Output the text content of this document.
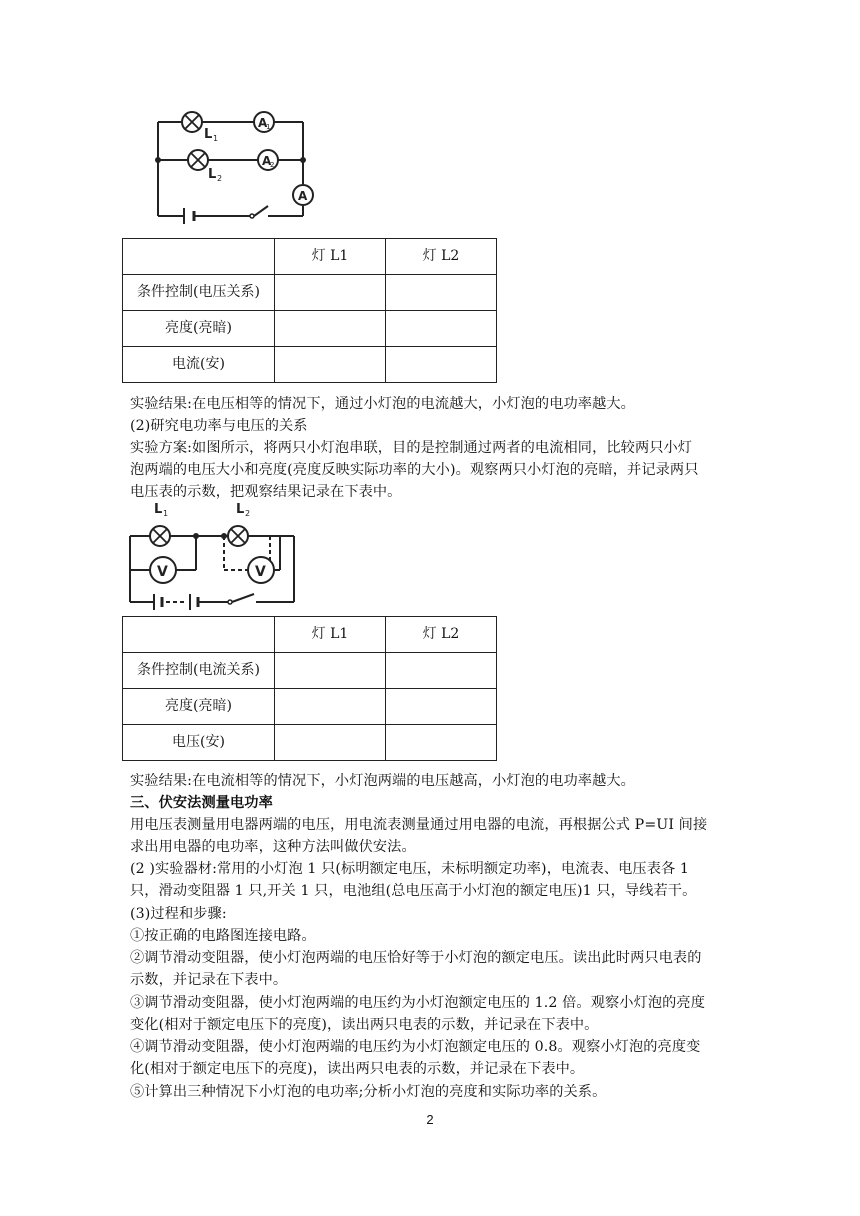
L 1
A
1
L 2
A
2
A
	灯 L1	灯 L2
条件控制(电压关系)		
亮度(亮暗)		
电流(安)		
实验结果:在电压相等的情况下，通过小灯泡的电流越大，小灯泡的电功率越大。
(2)研究电功率与电压的关系
实验方案:如图所示，将两只小灯泡串联，目的是控制通过两者的电流相同，比较两只小灯
泡两端的电压大小和亮度(亮度反映实际功率的大小)。观察两只小灯泡的亮暗，并记录两只
电压表的示数，把观察结果记录在下表中。
L 1
V
L 2
V
	灯 L1	灯 L2
条件控制(电流关系)		
亮度(亮暗)		
电压(安)		
实验结果:在电流相等的情况下，小灯泡两端的电压越高，小灯泡的电功率越大。
三、伏安法测量电功率
用电压表测量用电器两端的电压，用电流表测量通过用电器的电流，再根据公式 P=UI 间接
求出用电器的电功率，这种方法叫做伏安法。
(2 )实验器材:常用的小灯泡 1 只(标明额定电压，未标明额定功率)，电流表、电压表各 1
只，滑动变阻器 1 只,开关 1 只，电池组(总电压高于小灯泡的额定电压)1 只，导线若干。
(3)过程和步骤:
①按正确的电路图连接电路。
②调节滑动变阻器，使小灯泡两端的电压恰好等于小灯泡的额定电压。读出此时两只电表的
示数，并记录在下表中。
③调节滑动变阻器，使小灯泡两端的电压约为小灯泡额定电压的 1.2 倍。观察小灯泡的亮度
变化(相对于额定电压下的亮度)，读出两只电表的示数，并记录在下表中。
④调节滑动变阻器，使小灯泡两端的电压约为小灯泡额定电压的 0.8。观察小灯泡的亮度变
化(相对于额定电压下的亮度)，读出两只电表的示数，并记录在下表中。
⑤计算出三种情况下小灯泡的电功率;分析小灯泡的亮度和实际功率的关系。
2
